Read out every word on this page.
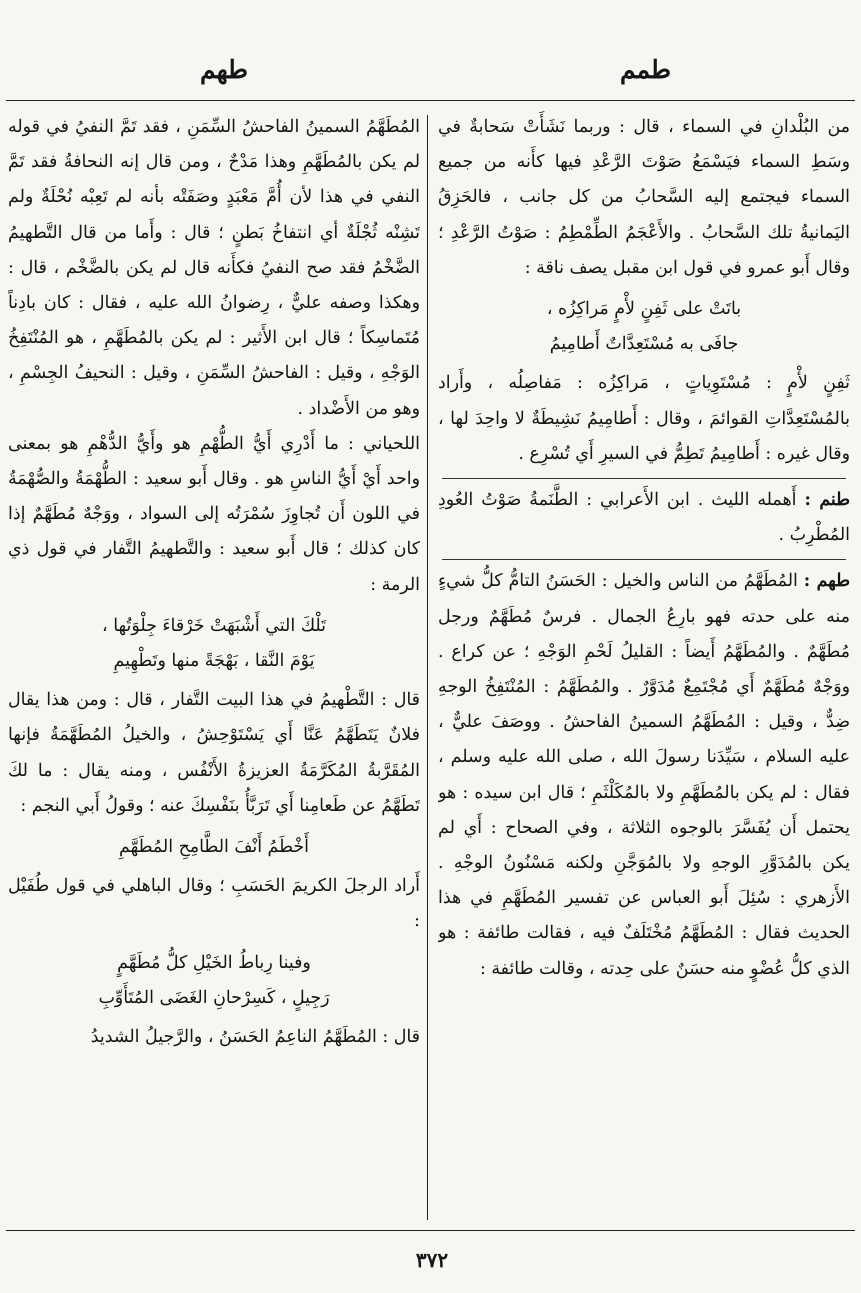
طهم	طمم

المُطَهَّمُ السمينُ الفاحشُ السِّمَنِ ، فقد تَمَّ النفيُ في قوله لم يكن بالمُطَهَّمِ وهذا مَدْحٌ ، ومن قال إنه النحافةُ فقد تَمَّ النفي في هذا لأن أُمَّ مَعْبَدٍ وصَفَتْه بأنه لم تَعِبْه نُحْلَةٌ ولم تَشِنْه ثُجْلَةٌ أي انتفاخُ بَطنٍ ؛ قال : وأَما من قال التَّطهيمُ الضَّخْمُ فقد صح النفيُ فكأَنه قال لم يكن بالضَّخْم ، قال : وهكذا وصفه عليٌّ ، رِضوانُ الله عليه ، فقال : كان بادِناً مُتَماسِكاً ؛ قال ابن الأَثير : لم يكن بالمُطَهَّمِ ، هو المُنْتَفِخُ الوَجْهِ ، وقيل : الفاحشُ السِّمَنِ ، وقيل : النحيفُ الجِسْمِ ، وهو من الأَضْداد .

اللحياني : ما أَدْرِي أَيُّ الطُّهْمِ هو وأَيُّ الدُّهْمِ هو بمعنى واحد أَيْ أَيُّ الناسِ هو . وقال أَبو سعيد : الطُّهْمَةُ والصُّهْمَةُ في اللون أَن تُجاوِزَ سُمْرَتُه إلى السواد ، ووَجْهٌ مُطَهَّمٌ إذا كان كذلك ؛ قال أَبو سعيد : والتَّطهيمُ التَّفار في قول ذي الرمة :

تَلْكَ التي أَشْبَهَتْ خَرْقاءَ جِلْوَتُها ،
يَوْمَ النَّقا ، بَهْجَةً منها وتَطْهِيمِ

قال : التَّطْهيمُ في هذا البيت التَّفار ، قال : ومن هذا يقال فلانٌ يَتَطَهَّمُ عَنَّا أَي يَسْتَوْحِشُ ، والخيلُ المُطَهَّمَةُ فإنها المُقَرَّبةُ المُكَرَّمَةُ العزيزةُ الأَنْفُس ، ومنه يقال : ما لكَ تَطَهَّمُ عن طَعامِنا أَي تَرَبَّأُ بنَفْسِكَ عنه ؛ وقولُ أَبي النجم :

أَخْطَمُ أَنْفَ الطَّامِحِ المُطَهَّمِ

أَراد الرجلَ الكريمَ الحَسَبِ ؛ وقال الباهلي في قول طُفَيْل :

وفينا رِباطُ الخَيْلِ كلُّ مُطَهَّمٍ
رَجِيلٍ ، كَسِرْحانِ الغَضَى المُتَأَوِّبِ

قال : المُطَهَّمُ الناعِمُ الحَسَنُ ، والرَّجيلُ الشديدُ

من البُلْدانِ في السماء ، قال : وربما نَشَأَتْ سَحابةٌ في وسَطِ السماء فيَسْمَعُ صَوْتَ الرَّعْدِ فيها كأَنه من جميع السماء فيجتمع إليه السَّحابُ من كل جانب ، فالحَزِقُ اليَمانيةُ تلك السَّحابُ . والأَعْجَمُ الطِّمْطِمُ : صَوْتُ الرَّعْدِ ؛ وقال أَبو عمرو في قول ابن مقبل يصف ناقة :

باتَتْ على ثَفِنٍ لأْمٍ مَراكِزُه ،
جافَى به مُسْتَعِدَّاتٌ أَطامِيمُ

ثَفِنٍ لأْمٍ : مُسْتَوِياتٍ ، مَراكِزُه : مَفاصِلُه ، وأَراد بالمُسْتَعِدَّاتِ القوائمَ ، وقال : أَطامِيمُ نَشِيطَةٌ لا واحِدَ لها ، وقال غيره : أَطامِيمُ تَطِمُّ في السيرِ أَي تُسْرِع .

طنم : أَهمله الليث . ابن الأَعرابي : الطَّنَمةُ صَوْتُ العُودِ المُطْرِبُ .

طهم : المُطَهَّمُ من الناس والخيل : الحَسَنُ التامُّ كلُّ شيءٍ منه على حدته فهو بارِعُ الجمال . فرسٌ مُطَهَّمٌ ورجل مُطَهَّمٌ . والمُطَهَّمُ أَيضاً : القليلُ لَحْمِ الوَجْهِ ؛ عن كراع . ووَجْهٌ مُطَهَّمٌ أَي مُجْتَمِعٌ مُدَوَّرٌ . والمُطَهَّمُ : المُنْتَفِخُ الوجهِ ضِدٌّ ، وقيل : المُطَهَّمُ السمينُ الفاحشُ . ووصَفَ عليٌّ ، عليه السلام ، سَيِّدَنا رسولَ الله ، صلى الله عليه وسلم ، فقال : لم يكن بالمُطَهَّمِ ولا بالمُكَلْثَمِ ؛ قال ابن سيده : هو يحتمل أَن يُفَسَّرَ بالوجوه الثلاثة ، وفي الصحاح : أَي لم يكن بالمُدَوَّرِ الوجهِ ولا بالمُوَجَّنِ ولكنه مَسْنُونُ الوجْهِ . الأَزهري : سُئِلَ أَبو العباس عن تفسير المُطَهَّمِ في هذا الحديث فقال : المُطَهَّمُ مُخْتَلَفٌ فيه ، فقالت طائفة : هو الذي كلُّ عُضْوٍ منه حسَنٌ على حِدته ، وقالت طائفة :

٣٧٢
